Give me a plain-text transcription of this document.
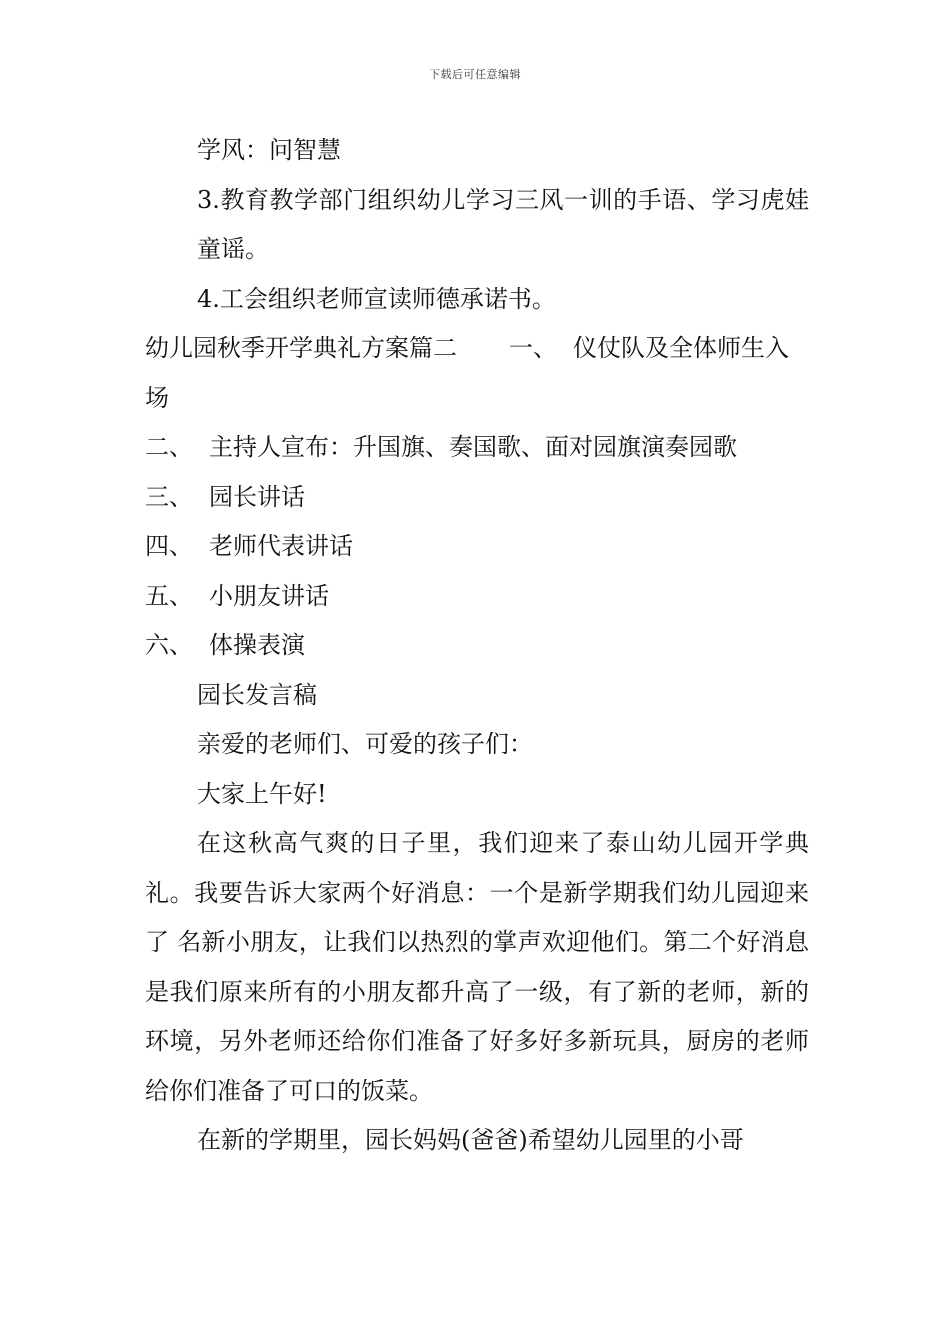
下载后可任意编辑

学风：问智慧

3.教育教学部门组织幼儿学习三风一训的手语、学习虎娃童谣。

4.工会组织老师宣读师德承诺书。

幼儿园秋季开学典礼方案篇二 一、 仪仗队及全体师生入场

二、 主持人宣布：升国旗、奏国歌、面对园旗演奏园歌

三、 园长讲话

四、 老师代表讲话

五、 小朋友讲话

六、 体操表演

园长发言稿

亲爱的老师们、可爱的孩子们：

大家上午好!

在这秋高气爽的日子里，我们迎来了泰山幼儿园开学典礼。我要告诉大家两个好消息：一个是新学期我们幼儿园迎来了 名新小朋友，让我们以热烈的掌声欢迎他们。第二个好消息是我们原来所有的小朋友都升高了一级，有了新的老师，新的环境，另外老师还给你们准备了好多好多新玩具，厨房的老师给你们准备了可口的饭菜。

在新的学期里，园长妈妈(爸爸)希望幼儿园里的小哥
